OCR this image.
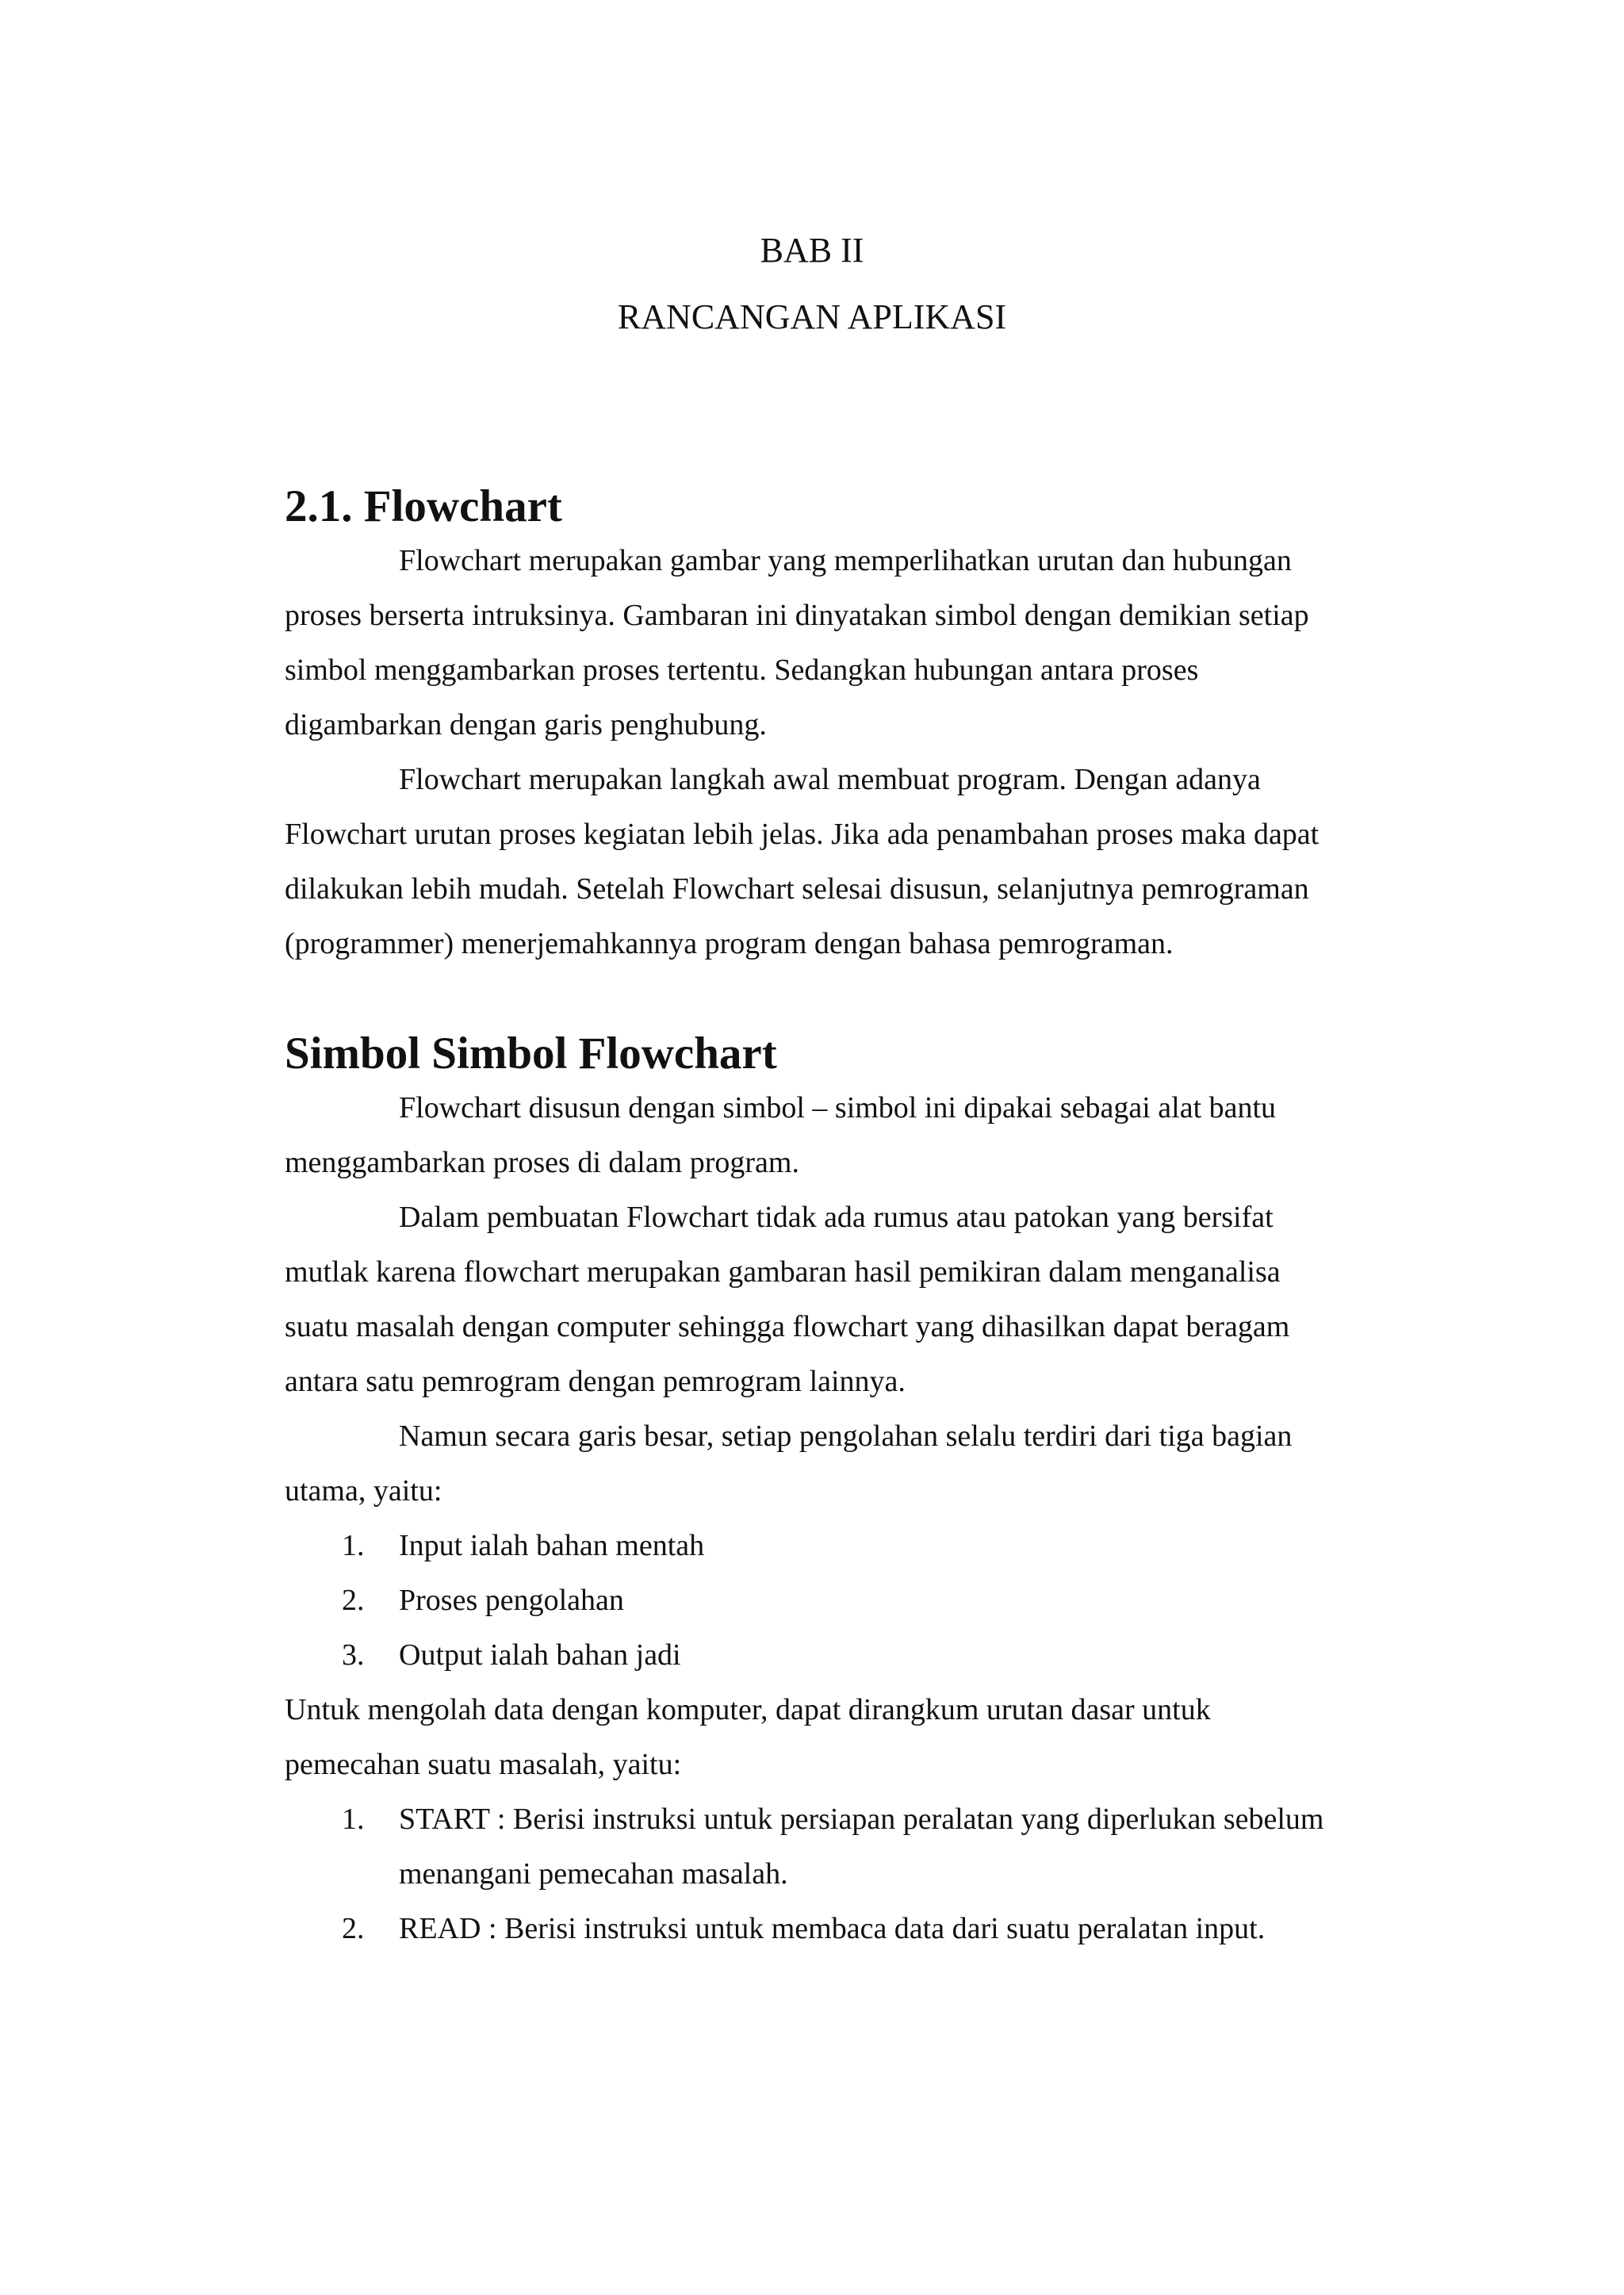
BAB II
RANCANGAN APLIKASI
2.1. Flowchart

Flowchart merupakan gambar yang memperlihatkan urutan dan hubungan proses berserta intruksinya. Gambaran ini dinyatakan simbol dengan demikian setiap simbol menggambarkan proses tertentu. Sedangkan hubungan antara proses digambarkan dengan garis penghubung.

Flowchart merupakan langkah awal membuat program. Dengan adanya Flowchart urutan proses kegiatan lebih jelas. Jika ada penambahan proses maka dapat dilakukan lebih mudah. Setelah Flowchart selesai disusun, selanjutnya pemrograman (programmer) menerjemahkannya program dengan bahasa pemrograman.

Simbol Simbol Flowchart

Flowchart disusun dengan simbol – simbol ini dipakai sebagai alat bantu menggambarkan proses di dalam program.

Dalam pembuatan Flowchart tidak ada rumus atau patokan yang bersifat mutlak karena flowchart merupakan gambaran hasil pemikiran dalam menganalisa suatu masalah dengan computer sehingga flowchart yang dihasilkan dapat beragam antara satu pemrogram dengan pemrogram lainnya.

Namun secara garis besar, setiap pengolahan selalu terdiri dari tiga bagian utama, yaitu:

1.	Input ialah bahan mentah
2.	Proses pengolahan
3.	Output ialah bahan jadi

Untuk mengolah data dengan komputer, dapat dirangkum urutan dasar untuk pemecahan suatu masalah, yaitu:

1.	START : Berisi instruksi untuk persiapan peralatan yang diperlukan sebelum menangani pemecahan masalah.
2.	READ : Berisi instruksi untuk membaca data dari suatu peralatan input.
